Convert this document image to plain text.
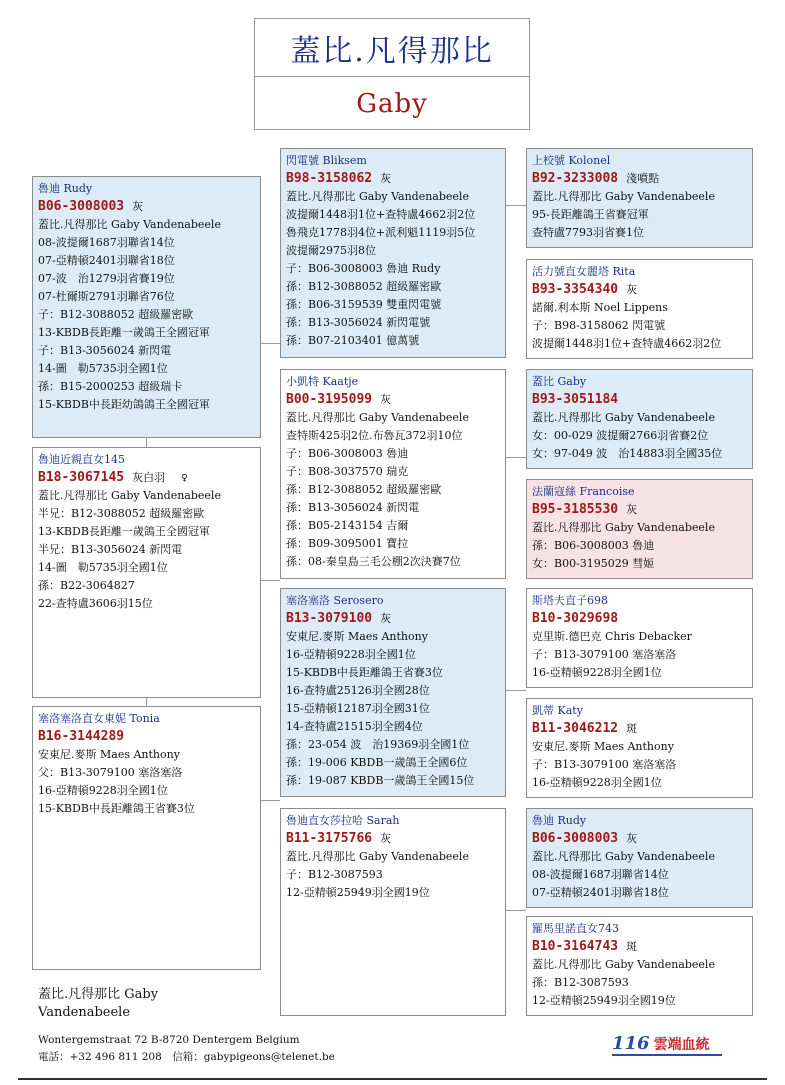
蓋比.凡得那比
Gaby
魯迪 Rudy
B06-3008003 灰
蓋比.凡得那比 Gaby Vandenabeele
08-波提爾1687羽聯省14位
07-亞精頓2401羽聯省18位
07-波　治1279羽省賽19位
07-杜爾斯2791羽聯省76位
子：B12-3088052 超級羅密歐
13-KBDB長距離一歲鴿王全國冠軍
子：B13-3056024 新閃電
14-圖　勒5735羽全國1位
孫：B15-2000253 超級瑞卡
15-KBDB中長距幼鴿鴿王全國冠軍
魯迪近親直女145
B18-3067145 灰白羽 ♀
蓋比.凡得那比 Gaby Vandenabeele
半兄：B12-3088052 超級羅密歐
13-KBDB長距離一歲鴿王全國冠軍
半兄：B13-3056024 新閃電
14-圖　勒5735羽全國1位
孫：B22-3064827
22-查特盧3606羽15位
塞洛塞洛直女東妮 Tonia
B16-3144289
安東尼.麥斯 Maes Anthony
父：B13-3079100 塞洛塞洛
16-亞精頓9228羽全國1位
15-KBDB中長距離鴿王省賽3位
閃電號 Bliksem
B98-3158062 灰
蓋比.凡得那比 Gaby Vandenabeele
波提爾1448羽1位+查特盧4662羽2位
魯飛克1778羽4位+派利魁1119羽5位
波提爾2975羽8位
子：B06-3008003 魯迪 Rudy
孫：B12-3088052 超級羅密歐
孫：B06-3159539 雙重閃電號
孫：B13-3056024 新閃電號
孫：B07-2103401 億萬號
小凱特 Kaatje
B00-3195099 灰
蓋比.凡得那比 Gaby Vandenabeele
查特斯425羽2位.布魯瓦372羽10位
子：B06-3008003 魯迪
子：B08-3037570 瑞克
孫：B12-3088052 超級羅密歐
孫：B13-3056024 新閃電
孫：B05-2143154 吉爾
孫：B09-3095001 寶拉
孫：08-秦皇島三毛公棚2次決賽7位
塞洛塞洛 Serosero
B13-3079100 灰
安東尼.麥斯 Maes Anthony
16-亞精頓9228羽全國1位
15-KBDB中長距離鴿王省賽3位
16-查特盧25126羽全國28位
15-亞精頓12187羽全國31位
14-查特盧21515羽全國4位
孫：23-054 波　治19369羽全國1位
孫：19-006 KBDB一歲鴿王全國6位
孫：19-087 KBDB一歲鴿王全國15位
魯迪直女莎拉哈 Sarah
B11-3175766 灰
蓋比.凡得那比 Gaby Vandenabeele
子：B12-3087593
12-亞精頓25949羽全國19位
上校號 Kolonel
B92-3233008 淺噴點
蓋比.凡得那比 Gaby Vandenabeele
95-長距離鴿王省賽冠軍
查特盧7793羽省賽1位
活力號直女麗塔 Rita
B93-3354340 灰
諾爾.利本斯 Noel Lippens
子：B98-3158062 閃電號
波提爾1448羽1位+查特盧4662羽2位
蓋比 Gaby
B93-3051184
蓋比.凡得那比 Gaby Vandenabeele
女：00-029 波提爾2766羽省賽2位
女：97-049 波　治14883羽全國35位
法蘭寇絲 Francoise
B95-3185530 灰
蓋比.凡得那比 Gaby Vandenabeele
孫：B06-3008003 魯迪
女：B00-3195029 彗姬
斯塔夫直子698
B10-3029698
克里斯.德巴克 Chris Debacker
子：B13-3079100 塞洛塞洛
16-亞精頓9228羽全國1位
凱蒂 Katy
B11-3046212 斑
安東尼.麥斯 Maes Anthony
子：B13-3079100 塞洛塞洛
16-亞精頓9228羽全國1位
魯迪 Rudy
B06-3008003 灰
蓋比.凡得那比 Gaby Vandenabeele
08-波提爾1687羽聯省14位
07-亞精頓2401羽聯省18位
羅馬里諾直女743
B10-3164743 斑
蓋比.凡得那比 Gaby Vandenabeele
孫：B12-3087593
12-亞精頓25949羽全國19位
蓋比.凡得那比 Gaby
Vandenabeele
Wontergemstraat 72 B-8720 Dentergem Belgium
電話：+32 496 811 208　信箱：gabypigeons@telenet.be
116 雲端血統
